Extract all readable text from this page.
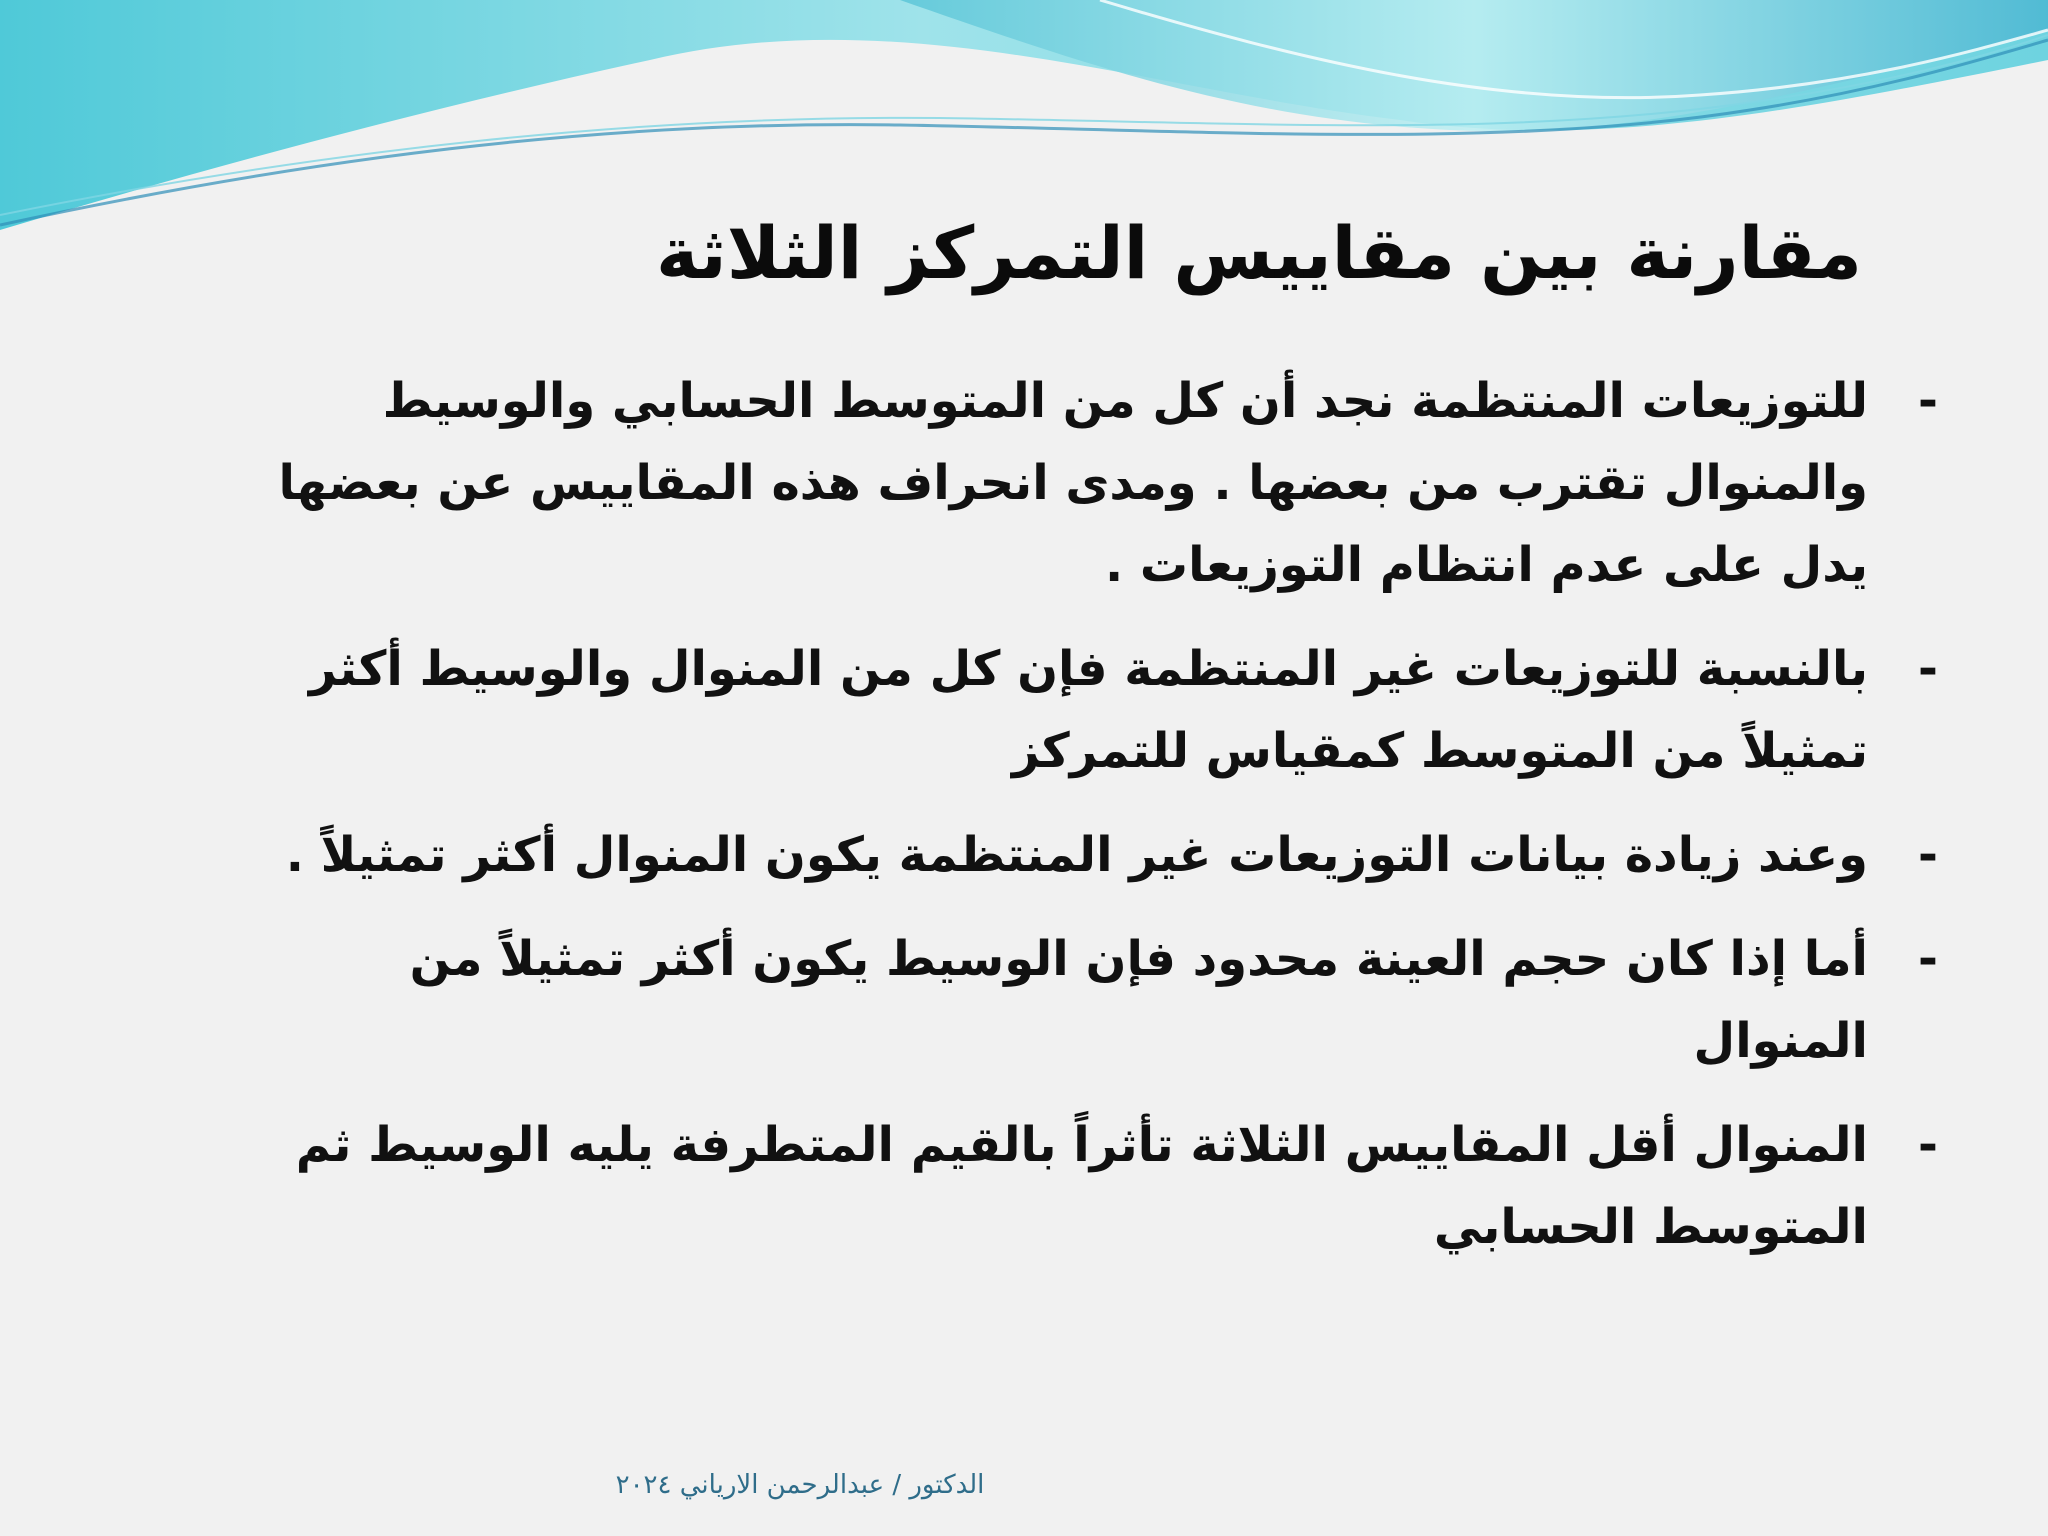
مقارنة بين مقاييس التمركز الثلاثة
-
للتوزيعات المنتظمة نجد أن كل من المتوسط الحسابي والوسيط والمنوال تقترب من بعضها . ومدى انحراف هذه المقاييس عن بعضها يدل على عدم انتظام التوزيعات .
-
بالنسبة للتوزيعات غير المنتظمة فإن كل من المنوال والوسيط أكثر تمثيلاً من المتوسط كمقياس للتمركز
-
وعند زيادة بيانات التوزيعات غير المنتظمة يكون المنوال أكثر تمثيلاً .
-
أما إذا كان حجم العينة محدود فإن الوسيط يكون أكثر تمثيلاً من المنوال
-
المنوال أقل المقاييس الثلاثة تأثراً بالقيم المتطرفة يليه الوسيط ثم المتوسط الحسابي
الدكتور / عبدالرحمن الارياني ٢٠٢٤
